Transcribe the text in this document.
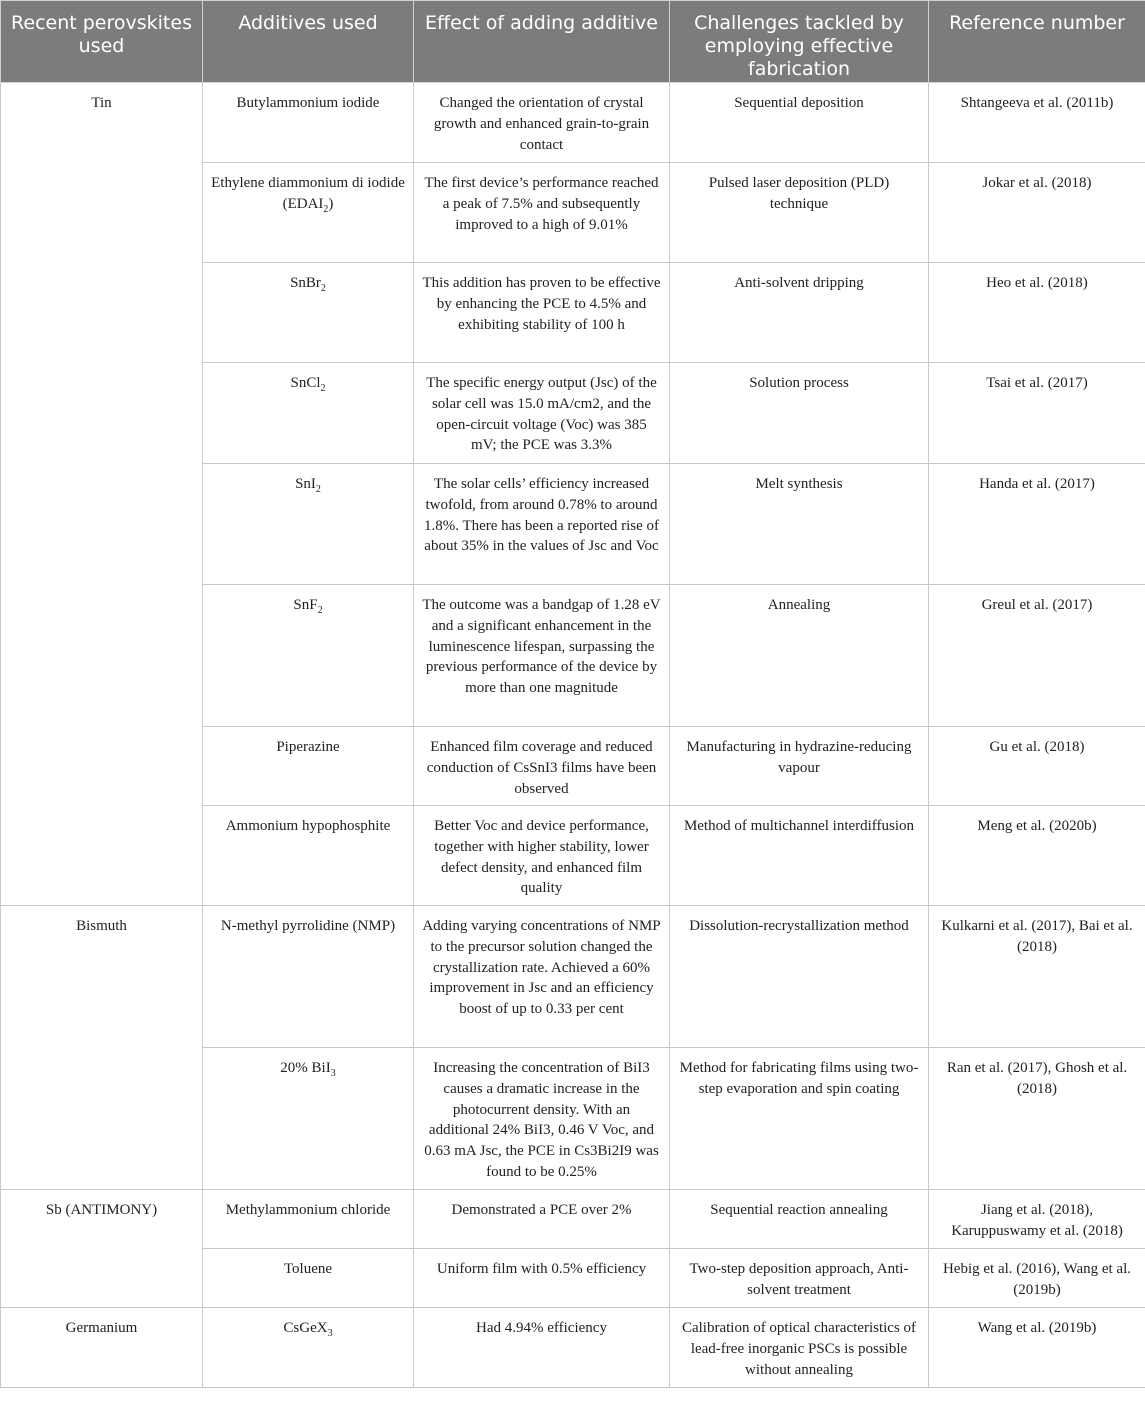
Recent perovskites used	Additives used	Effect of adding additive	Challenges tackled by employing effective fabrication	Reference number
Tin	Butylammonium iodide	Changed the orientation of crystal growth and enhanced grain-to-grain contact	Sequential deposition	Shtangeeva et al. (2011b)
	Ethylene diammonium di iodide $(EDAI_2)$	The first device’s performance reached a peak of 7.5% and subsequently improved to a high of 9.01%	Pulsed laser deposition (PLD) technique	Jokar et al. (2018)
	SnBr$_2$	This addition has proven to be effective by enhancing the PCE to 4.5% and exhibiting stability of 100 h	Anti-solvent dripping	Heo et al. (2018)
	SnCl$_2$	The specific energy output (Jsc) of the solar cell was 15.0 mA/cm2, and the open-circuit voltage (Voc) was 385 mV; the PCE was 3.3%	Solution process	Tsai et al. (2017)
	SnI$_2$	The solar cells’ efficiency increased twofold, from around 0.78% to around 1.8%. There has been a reported rise of about 35% in the values of Jsc and Voc	Melt synthesis	Handa et al. (2017)
	SnF$_2$	The outcome was a bandgap of 1.28 eV and a significant enhancement in the luminescence lifespan, surpassing the previous performance of the device by more than one magnitude	Annealing	Greul et al. (2017)
	Piperazine	Enhanced film coverage and reduced conduction of CsSnI3 films have been observed	Manufacturing in hydrazine-reducing vapour	Gu et al. (2018)
	Ammonium hypophosphite	Better Voc and device performance, together with higher stability, lower defect density, and enhanced film quality	Method of multichannel interdiffusion	Meng et al. (2020b)
Bismuth	N-methyl pyrrolidine (NMP)	Adding varying concentrations of NMP to the precursor solution changed the crystallization rate. Achieved a 60% improvement in Jsc and an efficiency boost of up to 0.33 per cent	Dissolution-recrystallization method	Kulkarni et al. (2017), Bai et al. (2018)
	20% BiI$_3$	Increasing the concentration of BiI3 causes a dramatic increase in the photocurrent density. With an additional 24% BiI3, 0.46 V Voc, and 0.63 mA Jsc, the PCE in Cs3Bi2I9 was found to be 0.25%	Method for fabricating films using two-step evaporation and spin coating	Ran et al. (2017), Ghosh et al. (2018)
Sb (ANTIMONY)	Methylammonium chloride	Demonstrated a PCE over 2%	Sequential reaction annealing	Jiang et al. (2018), Karuppuswamy et al. (2018)
	Toluene	Uniform film with 0.5% efficiency	Two-step deposition approach, Anti-solvent treatment	Hebig et al. (2016), Wang et al. (2019b)
Germanium	CsGeX$_3$	Had 4.94% efficiency	Calibration of optical characteristics of lead-free inorganic PSCs is possible without annealing	Wang et al. (2019b)
